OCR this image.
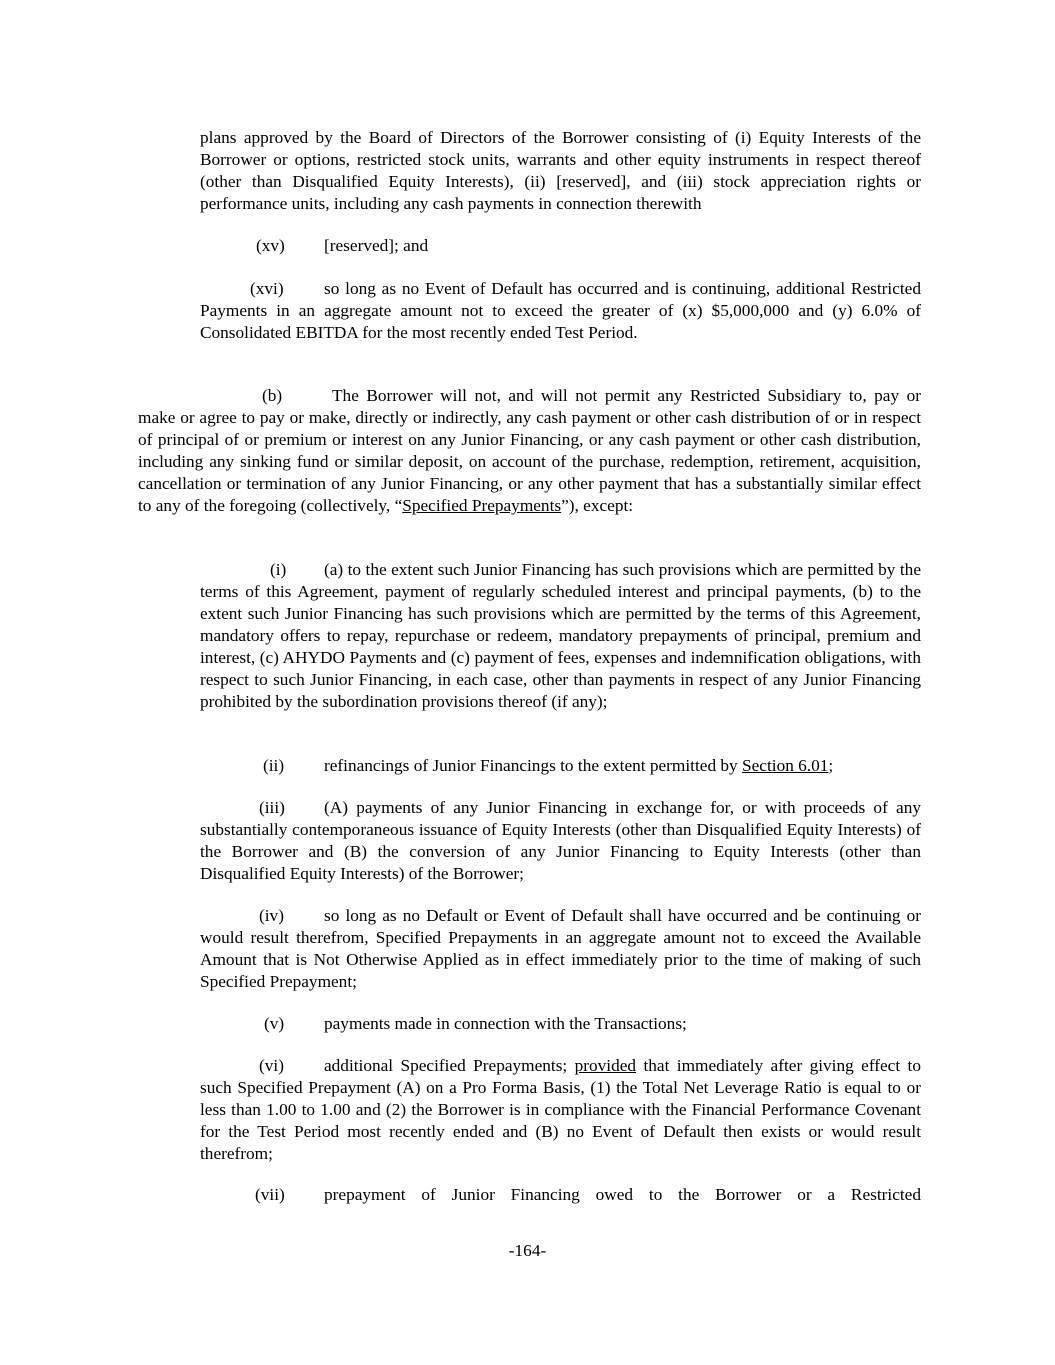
plans approved by the Board of Directors of the Borrower consisting of (i) Equity Interests of the Borrower or options, restricted stock units, warrants and other equity instruments in respect thereof (other than Disqualified Equity Interests), (ii) [reserved], and (iii) stock appreciation rights or performance units, including any cash payments in connection therewith

(xv) [reserved]; and

(xvi) so long as no Event of Default has occurred and is continuing, additional Restricted Payments in an aggregate amount not to exceed the greater of (x) $5,000,000 and (y) 6.0% of Consolidated EBITDA for the most recently ended Test Period.

(b)	The Borrower will not, and will not permit any Restricted Subsidiary to, pay or make or agree to pay or make, directly or indirectly, any cash payment or other cash distribution of or in respect of principal of or premium or interest on any Junior Financing, or any cash payment or other cash distribution, including any sinking fund or similar deposit, on account of the purchase, redemption, retirement, acquisition, cancellation or termination of any Junior Financing, or any other payment that has a substantially similar effect to any of the foregoing (collectively, “Specified Prepayments”), except:

(i) (a) to the extent such Junior Financing has such provisions which are permitted by the terms of this Agreement, payment of regularly scheduled interest and principal payments, (b) to the extent such Junior Financing has such provisions which are permitted by the terms of this Agreement, mandatory offers to repay, repurchase or redeem, mandatory prepayments of principal, premium and interest, (c) AHYDO Payments and (c) payment of fees, expenses and indemnification obligations, with respect to such Junior Financing, in each case, other than payments in respect of any Junior Financing prohibited by the subordination provisions thereof (if any);

(ii) refinancings of Junior Financings to the extent permitted by Section 6.01;

(iii) (A) payments of any Junior Financing in exchange for, or with proceeds of any substantially contemporaneous issuance of Equity Interests (other than Disqualified Equity Interests) of the Borrower and (B) the conversion of any Junior Financing to Equity Interests (other than Disqualified Equity Interests) of the Borrower;

(iv) so long as no Default or Event of Default shall have occurred and be continuing or would result therefrom, Specified Prepayments in an aggregate amount not to exceed the Available Amount that is Not Otherwise Applied as in effect immediately prior to the time of making of such Specified Prepayment;

(v) payments made in connection with the Transactions;

(vi) additional Specified Prepayments; provided that immediately after giving effect to such Specified Prepayment (A) on a Pro Forma Basis, (1) the Total Net Leverage Ratio is equal to or less than 1.00 to 1.00 and (2) the Borrower is in compliance with the Financial Performance Covenant for the Test Period most recently ended and (B) no Event of Default then exists or would result therefrom;

(vii) prepayment of Junior Financing owed to the Borrower or a Restricted

-164-
